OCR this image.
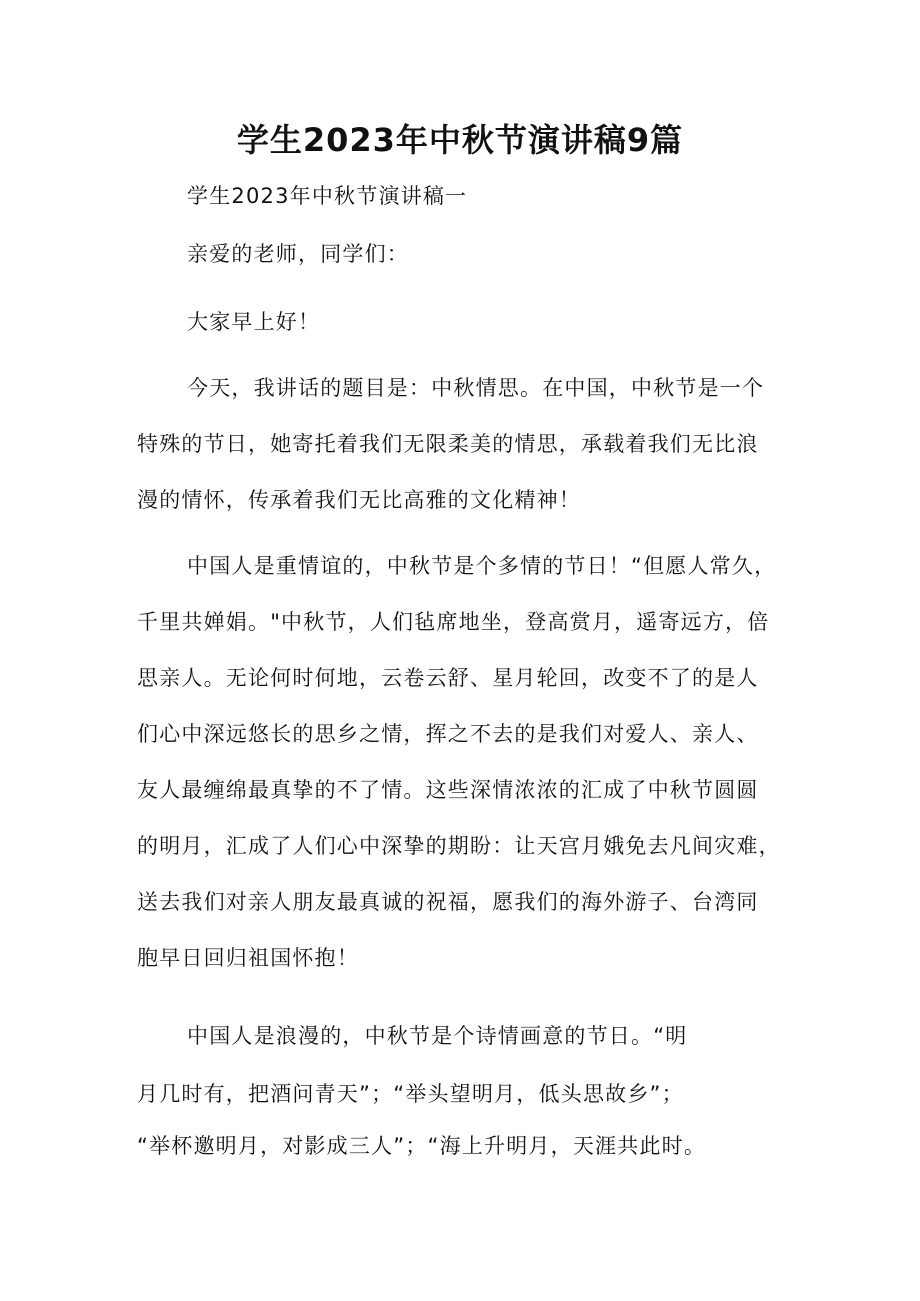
学生2023年中秋节演讲稿9篇
学生2023年中秋节演讲稿一
亲爱的老师，同学们：
大家早上好！
今天，我讲话的题目是：中秋情思。在中国，中秋节是一个
特殊的节日，她寄托着我们无限柔美的情思，承载着我们无比浪
漫的情怀，传承着我们无比高雅的文化精神！
中国人是重情谊的，中秋节是个多情的节日！“但愿人常久，
千里共婵娟。"中秋节，人们毡席地坐，登高赏月，遥寄远方，倍
思亲人。无论何时何地，云卷云舒、星月轮回，改变不了的是人
们心中深远悠长的思乡之情，挥之不去的是我们对爱人、亲人、
友人最缠绵最真挚的不了情。这些深情浓浓的汇成了中秋节圆圆
的明月，汇成了人们心中深挚的期盼：让天宫月娥免去凡间灾难，
送去我们对亲人朋友最真诚的祝福，愿我们的海外游子、台湾同
胞早日回归祖国怀抱！
中国人是浪漫的，中秋节是个诗情画意的节日。“明
月几时有，把酒问青天”；“举头望明月，低头思故乡”；
“举杯邀明月，对影成三人”；“海上升明月，天涯共此时。
